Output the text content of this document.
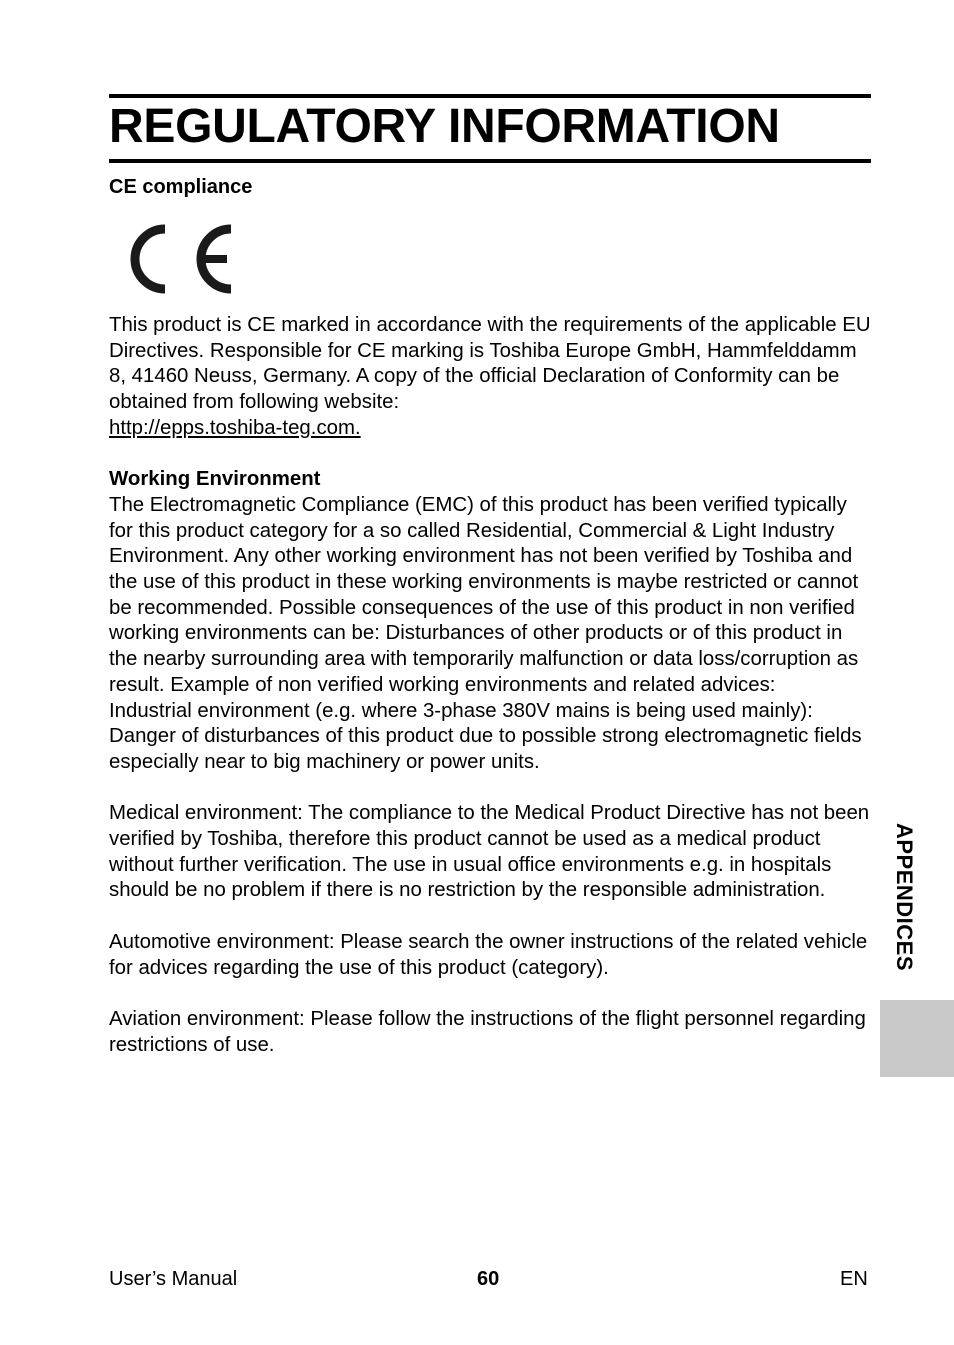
REGULATORY INFORMATION
CE compliance

This product is CE marked in accordance with the requirements of the applicable EU Directives. Responsible for CE marking is Toshiba Europe GmbH, Hammfelddamm 8, 41460 Neuss, Germany. A copy of the official Declaration of Conformity can be obtained from following website:
http://epps.toshiba-teg.com.

Working Environment
The Electromagnetic Compliance (EMC) of this product has been verified typically for this product category for a so called Residential, Commercial & Light Industry Environment. Any other working environment has not been verified by Toshiba and the use of this product in these working environments is maybe restricted or cannot be recommended. Possible consequences of the use of this product in non verified working environments can be: Disturbances of other products or of this product in the nearby surrounding area with temporarily malfunction or data loss/corruption as result. Example of non verified working environments and related advices:
Industrial environment (e.g. where 3-phase 380V mains is being used mainly): Danger of disturbances of this product due to possible strong electromagnetic fields especially near to big machinery or power units.

Medical environment: The compliance to the Medical Product Directive has not been verified by Toshiba, therefore this product cannot be used as a medical product without further verification. The use in usual office environments e.g. in hospitals should be no problem if there is no restriction by the responsible administration.

Automotive environment: Please search the owner instructions of the related vehicle for advices regarding the use of this product (category).

Aviation environment: Please follow the instructions of the flight personnel regarding restrictions of use.

APPENDICES
User’s Manual	60	EN
